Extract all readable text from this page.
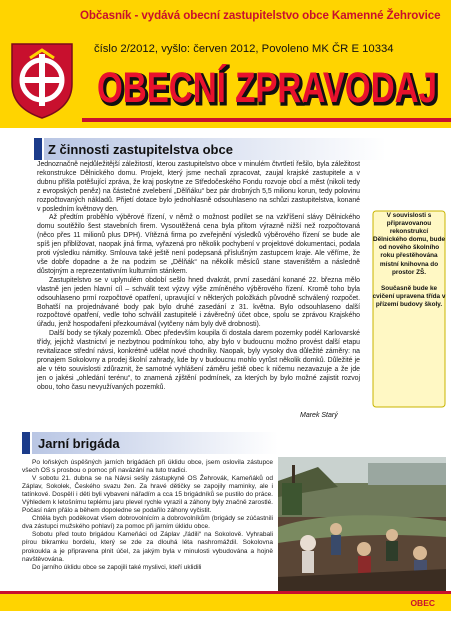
Občasník - vydává obecní zastupitelstvo obce Kamenné Žehrovice
číslo 2/2012, vyšlo: červen 2012, Povoleno MK ČR E 10334
OBECNÍ ZPRAVODAJ
OBECNÍ ZPRAVODAJ
Z činnosti zastupitelstva obce

Jednoznačně nejdůležitější záležitostí, kterou zastupitelstvo obce v minulém čtvrtletí řešilo, byla záležitost rekonstrukce Dělnického domu. Projekt, který jsme nechali zpracovat, zaujal krajské zastupitele a v dubnu přišla potěšující zpráva, že kraj poskytne ze Středočeského Fondu rozvoje obcí a měst (nikoli tedy z evropských peněz) na částečné zvelebení „Dělňáku“ bez pár drobných 5,5 milionu korun, tedy polovinu rozpočtovaných nákladů. Přijetí dotace bylo jednohlasně odsouhlaseno na schůzi zastupitelstva, konané v posledním květnovy den.

Až předtím proběhlo výběrové řízení, v němž o možnost podílet se na vzkříšení slávy Dělnického domu soutěžilo šest stavebních firem. Vysoutěžená cena byla přitom výrazně nižší než rozpočtovaná (něco přes 11 milionů plus DPH). Vítězná firma po zveřejnění výsledků výběrového řízení se bude ale spíš jen přibližovat, naopak jiná firma, vyřazená pro několik pochybení v projektové dokumentaci, podala proti výsledku námitky. Smlouva také ještě není podepsaná příslušným zastupcem kraje. Ale věříme, že vše dobře dopadne a že na podzim se „Dělňák“ na několik měsíců stane staveništěm a následně důstojným a reprezentativním kulturním stánkem.

Zastupitelstvo se v uplynulém období sešlo hned dvakrát, první zasedání konané 22. března mělo vlastně jen jeden hlavní cíl – schválit text výzvy výše zmíněného výběrového řízení. Kromě toho byla odsouhlaseno prmí rozpočtové opatření, upravující v některých položkách původně schválený rozpočet. Bohatší na projednávané body pak bylo druhé zasedání z 31. května. Bylo odsouhlaseno další rozpočtové opatření, vedle toho schválil zastupitelé i závěrečný účet obce, spolu se zprávou Krajského úřadu, jenž hospodaření přezkoumával (vytčeny nám byly dvě drobnosti).

Další body se týkaly pozemků. Obec především koupila či dostala darem pozemky podél Karlovarské třídy, jejichž vlastnictví je nezbytnou podmínkou toho, aby bylo v budoucnu možno provést další etapu revitalizace střední návsi, konkrétně udělat nové chodníky. Naopak, byly vysoky dva důležité záměry: na pronajem Sokolovny a prodej školní zahrady, kde by v budoucnu mohlo vyrůst několik domků. Důležité je ale v této souvislosti zdůraznit, že samotné vyhlášení záměru ještě obec k ničemu nezavazuje a že jde jen o jakési „ohledání terénu“, to znamená zjištění podmínek, za kterých by bylo možné zajistit rozvoj obou, toho času nevyužívaných pozemků.

Marek Starý
V souvislosti s připravovanou rekonstrukcí Dělnického domu, bude od nového školního roku přestěhována místní knihovna do prostor ZŠ.
Současně bude ke cvičení upravena třída v přízemí budovy školy.
Jarní brigáda

Po loňských úspěšných jarních brigádách při úklidu obce, jsem oslovila zástupce všech OS s prosbou o pomoc při navázání na tuto tradici.

V sobotu 21. dubna se na Návsi sešly zástupkyně OS Žehrovák, Kameňáků od Záplav, Sokolek, Českého svazu žen. Za hravé dětičky se zapojily maminky, ale i tatínkové. Dospělí i děti byli vybaveni nářadím a cca 15 brigádníků se pustilo do práce. Výhledem k letošnímu teplému jaru plevel rychle vyrazil a záhony byly značně zarostlé. Počasí nám přálo a během dopoledne se podařilo záhony vyčistit.

Chtěla bych poděkovat všem dobrovolnícím a dobrovolníkům (brigády se zúčastnili dva zástupci mužského pohlaví) za pomoc při jarním úklidu obce.

Sobotu před touto brigádou Kameňáci od Záplav „řádili“ na Sokolově. Vyhrabali pírou bikramku bordelu, který se zde za dlouhá léta nashromáždil. Sokolovna prokoukla a je připravena plnit účel, za jakým byla v minulosti vybudována a hojně navštěvována.

Do jarního úklidu obce se zapojili také myslivci, kteří uklidili

OBEC
